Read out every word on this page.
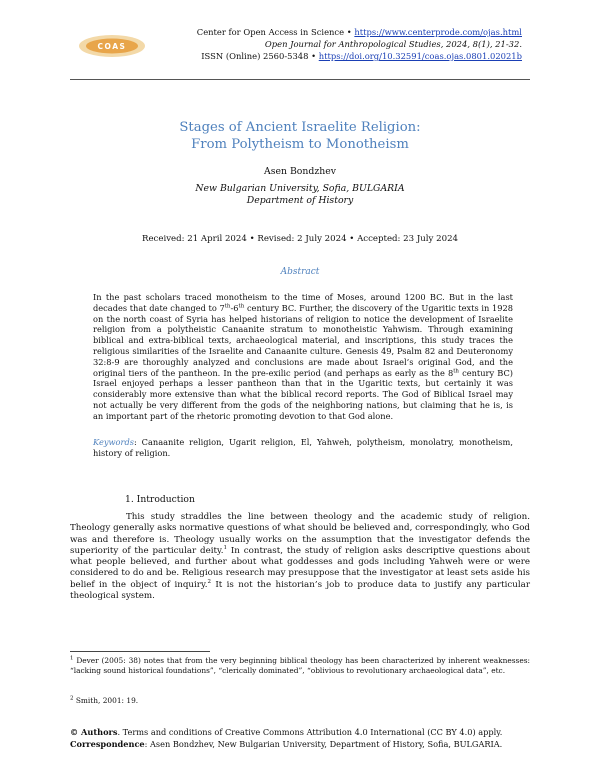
COAS
Center for Open Access in Science • https://www.centerprode.com/ojas.html
Open Journal for Anthropological Studies, 2024, 8(1), 21-32.
ISSN (Online) 2560-5348 • https://doi.org/10.32591/coas.ojas.0801.02021b
Stages of Ancient Israelite Religion:
From Polytheism to Monotheism
Asen Bondzhev
New Bulgarian University, Sofia, BULGARIA
Department of History
Received: 21 April 2024 • Revised: 2 July 2024 • Accepted: 23 July 2024
Abstract
In the past scholars traced monotheism to the time of Moses, around 1200 BC. But in the last decades that date changed to 7th-6th century BC. Further, the discovery of the Ugaritic texts in 1928 on the north coast of Syria has helped historians of religion to notice the development of Israelite religion from a polytheistic Canaanite stratum to monotheistic Yahwism. Through examining biblical and extra-biblical texts, archaeological material, and inscriptions, this study traces the religious similarities of the Israelite and Canaanite culture. Genesis 49, Psalm 82 and Deuteronomy 32:8-9 are thoroughly analyzed and conclusions are made about Israel’s original God, and the original tiers of the pantheon. In the pre-exilic period (and perhaps as early as the 8th century BC) Israel enjoyed perhaps a lesser pantheon than that in the Ugaritic texts, but certainly it was considerably more extensive than what the biblical record reports. The God of Biblical Israel may not actually be very different from the gods of the neighboring nations, but claiming that he is, is an important part of the rhetoric promoting devotion to that God alone.
Keywords: Canaanite religion, Ugarit religion, El, Yahweh, polytheism, monolatry, monotheism, history of religion.
1. Introduction
This study straddles the line between theology and the academic study of religion. Theology generally asks normative questions of what should be believed and, correspondingly, who God was and therefore is. Theology usually works on the assumption that the investigator defends the superiority of the particular deity.$^1$ In contrast, the study of religion asks descriptive questions about what people believed, and further about what goddesses and gods including Yahweh were or were considered to do and be. Religious research may presuppose that the investigator at least sets aside his belief in the object of inquiry.$^2$ It is not the historian’s job to produce data to justify any particular theological system.
$^1$ Dever (2005: 38) notes that from the very beginning biblical theology has been characterized by inherent weaknesses: “lacking sound historical foundations”, “clerically dominated”, “oblivious to revolutionary archaeological data”, etc.
$^2$ Smith, 2001: 19.
© Authors. Terms and conditions of Creative Commons Attribution 4.0 International (CC BY 4.0) apply.
Correspondence: Asen Bondzhev, New Bulgarian University, Department of History, Sofia, BULGARIA.
